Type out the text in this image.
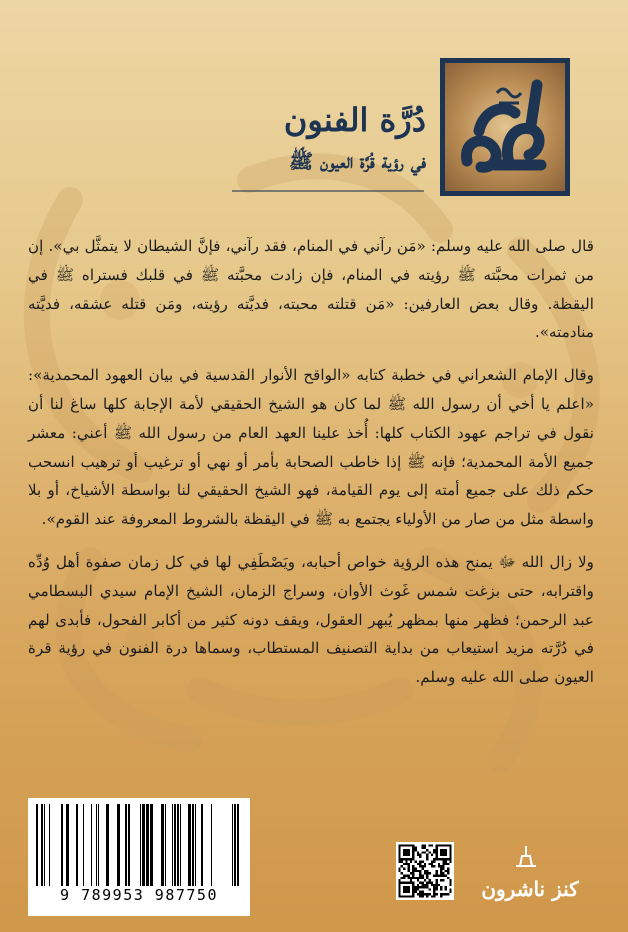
دُرَّة الفنون
في رؤية قُرَّة العيون ﷺ

قال صلى الله عليه وسلم: «مَن رآني في المنام، فقد رآني، فإنَّ الشيطان لا يتمثَّل بي». إن من ثمرات محبَّته ﷺ رؤيته في المنام، فإن زادت محبَّته ﷺ في قلبك فستراه ﷺ في اليقظة. وقال بعض العارفين: «مَن قتلته محبته، فديَّته رؤيته، ومَن قتله عشقه، فديَّته منادمته».

وقال الإمام الشعراني في خطبة كتابه «الواقح الأنوار القدسية في بيان العهود المحمدية»: «اعلم يا أخي أن رسول الله ﷺ لما كان هو الشيخ الحقيقي لأمة الإجابة كلها ساغ لنا أن نقول في تراجم عهود الكتاب كلها: أُخذ علينا العهد العام من رسول الله ﷺ أعني: معشر جميع الأمة المحمدية؛ فإنه ﷺ إذا خاطب الصحابة بأمر أو نهي أو ترغيب أو ترهيب انسحب حكم ذلك على جميع أمته إلى يوم القيامة، فهو الشيخ الحقيقي لنا بواسطة الأشياخ، أو بلا واسطة مثل من صار من الأولياء يجتمع به ﷺ في اليقظة بالشروط المعروفة عند القوم».

ولا زال الله ﷻ يمنح هذه الرؤية خواص أحبابه، ويَصْطَفِي لها في كل زمان صفوة أهل وُدِّه واقترابه، حتى بزغت شمس غَوث الأوان، وسراج الزمان، الشيخ الإمام سيدي البسطامي عبد الرحمن؛ فظهر منها بمظهر يُبهر العقول، ويقف دونه كثير من أكابر الفحول، فأبدى لهم في دُرَّته مزيد استيعاب من بداية التصنيف المستطاب، وسماها درة الفنون في رؤية قرة العيون صلى الله عليه وسلم.

9 789953 987750	كنز ناشرون
